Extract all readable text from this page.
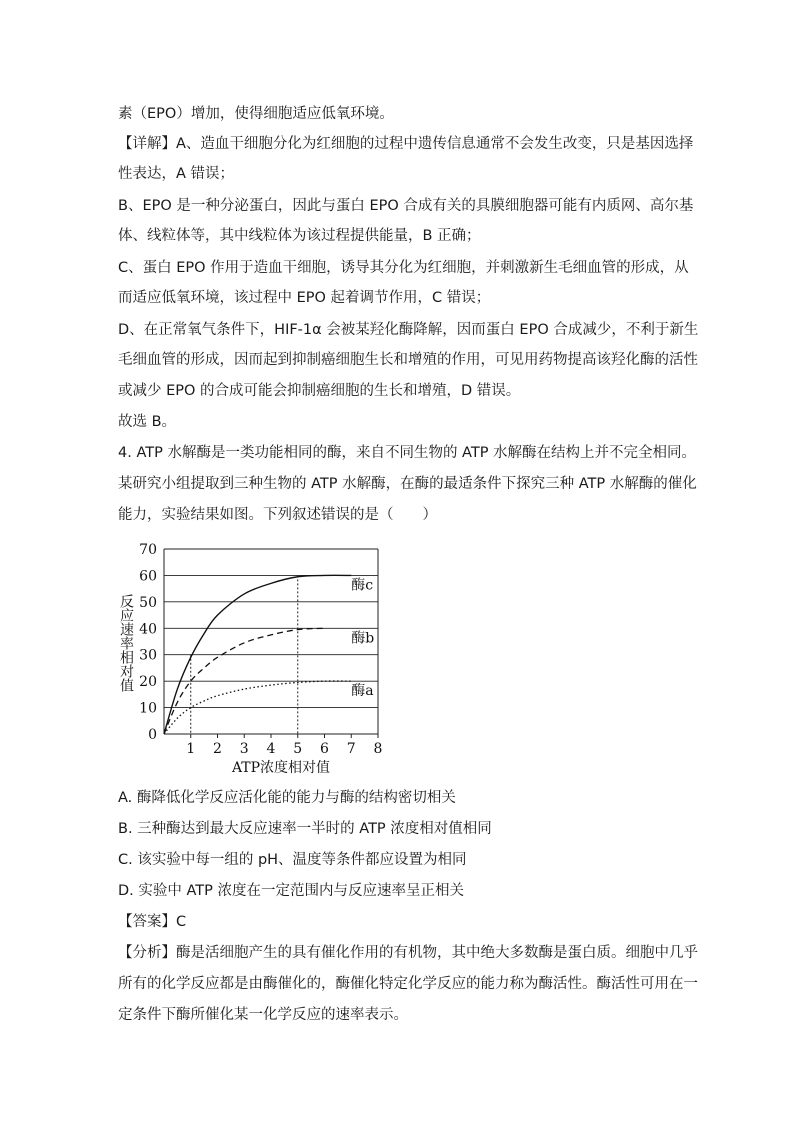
素（EPO）增加，使得细胞适应低氧环境。
【详解】A、造血干细胞分化为红细胞的过程中遗传信息通常不会发生改变，只是基因选择
性表达，A 错误；
B、EPO 是一种分泌蛋白，因此与蛋白 EPO 合成有关的具膜细胞器可能有内质网、高尔基
体、线粒体等，其中线粒体为该过程提供能量，B 正确；
C、蛋白 EPO 作用于造血干细胞，诱导其分化为红细胞，并刺激新生毛细血管的形成，从
而适应低氧环境，该过程中 EPO 起着调节作用，C 错误；
D、在正常氧气条件下，HIF-1α 会被某羟化酶降解，因而蛋白 EPO 合成减少，不利于新生
毛细血管的形成，因而起到抑制癌细胞生长和增殖的作用，可见用药物提高该羟化酶的活性
或减少 EPO 的合成可能会抑制癌细胞的生长和增殖，D 错误。
故选 B。
4. ATP 水解酶是一类功能相同的酶，来自不同生物的 ATP 水解酶在结构上并不完全相同。
某研究小组提取到三种生物的 ATP 水解酶，在酶的最适条件下探究三种 ATP 水解酶的催化
能力，实验结果如图。下列叙述错误的是（　　）
0
10
20
30
40
50
60
70
1 2 3 4 5 6 7 8
酶c
酶b
酶a
ATP浓度相对值
反应速率相对值
A. 酶降低化学反应活化能的能力与酶的结构密切相关
B. 三种酶达到最大反应速率一半时的 ATP 浓度相对值相同
C. 该实验中每一组的 pH、温度等条件都应设置为相同
D. 实验中 ATP 浓度在一定范围内与反应速率呈正相关
【答案】C
【分析】酶是活细胞产生的具有催化作用的有机物，其中绝大多数酶是蛋白质。细胞中几乎
所有的化学反应都是由酶催化的，酶催化特定化学反应的能力称为酶活性。酶活性可用在一
定条件下酶所催化某一化学反应的速率表示。
